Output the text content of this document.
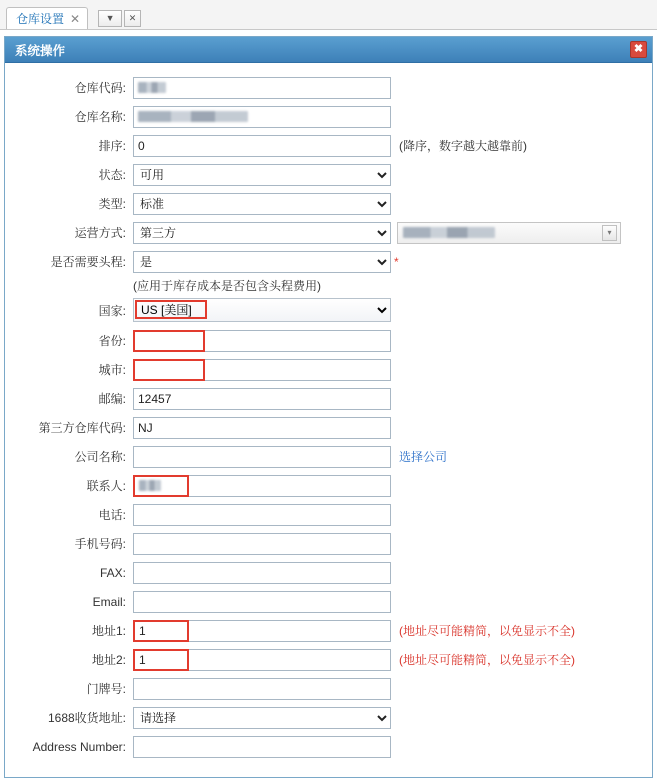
仓库设置 ✕	▼	✕
系统操作	✖
仓库代码:
仓库名称:
排序:
0	(降序，数字越大越靠前)
状态:
可用
类型:
标准
运营方式:
第三方	▾
是否需要头程:
是	*
(应用于库存成本是否包含头程费用)
国家:
US [美国]
省份:
城市:
邮编:
12457
第三方仓库代码:
NJ
公司名称:	选择公司
联系人:
电话:
手机号码:
FAX:
Email:
地址1:
1	(地址尽可能精简，以免显示不全)
地址2:
1	(地址尽可能精简，以免显示不全)
门牌号:
1688收货地址:
请选择
Address Number:
